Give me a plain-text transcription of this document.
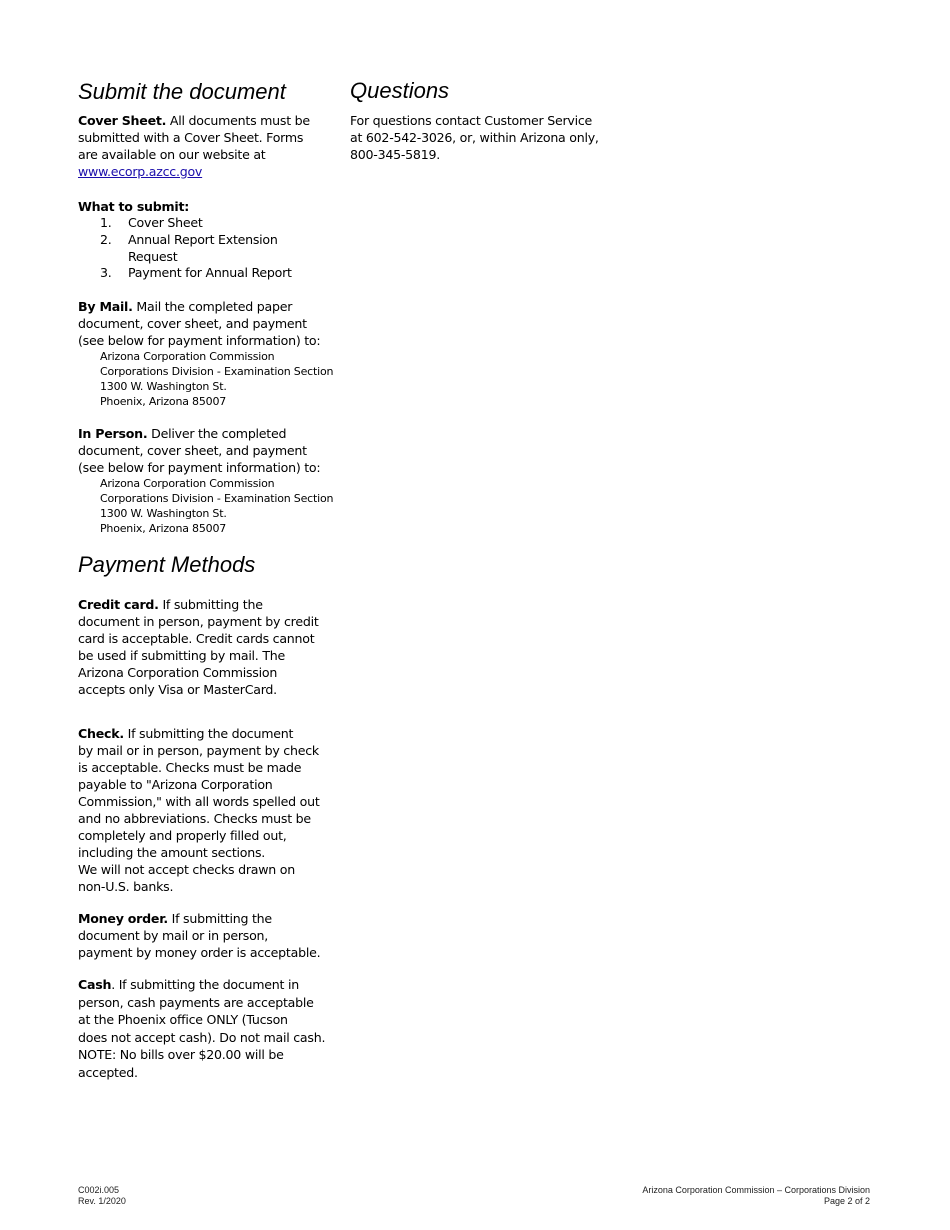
Submit the document
Cover Sheet. All documents must be
submitted with a Cover Sheet. Forms
are available on our website at
www.ecorp.azcc.gov
What to submit:
1. Cover Sheet
2. Annual Report Extension
Request
3. Payment for Annual Report
By Mail. Mail the completed paper
document, cover sheet, and payment
(see below for payment information) to:
Arizona Corporation Commission
Corporations Division - Examination Section
1300 W. Washington St.
Phoenix, Arizona 85007
In Person. Deliver the completed
document, cover sheet, and payment
(see below for payment information) to:
Arizona Corporation Commission
Corporations Division - Examination Section
1300 W. Washington St.
Phoenix, Arizona 85007
Payment Methods
Credit card. If submitting the
document in person, payment by credit
card is acceptable. Credit cards cannot
be used if submitting by mail. The
Arizona Corporation Commission
accepts only Visa or MasterCard.
Check. If submitting the document
by mail or in person, payment by check
is acceptable. Checks must be made
payable to "Arizona Corporation
Commission," with all words spelled out
and no abbreviations. Checks must be
completely and properly filled out,
including the amount sections.
We will not accept checks drawn on
non-U.S. banks.
Money order. If submitting the
document by mail or in person,
payment by money order is acceptable.
Cash. If submitting the document in
person, cash payments are acceptable
at the Phoenix office ONLY (Tucson
does not accept cash). Do not mail cash.
NOTE: No bills over $20.00 will be
accepted.
Questions
For questions contact Customer Service
at 602-542-3026, or, within Arizona only,
800-345-5819.
C002i.005
Rev. 1/2020
Arizona Corporation Commission – Corporations Division
Page 2 of 2
